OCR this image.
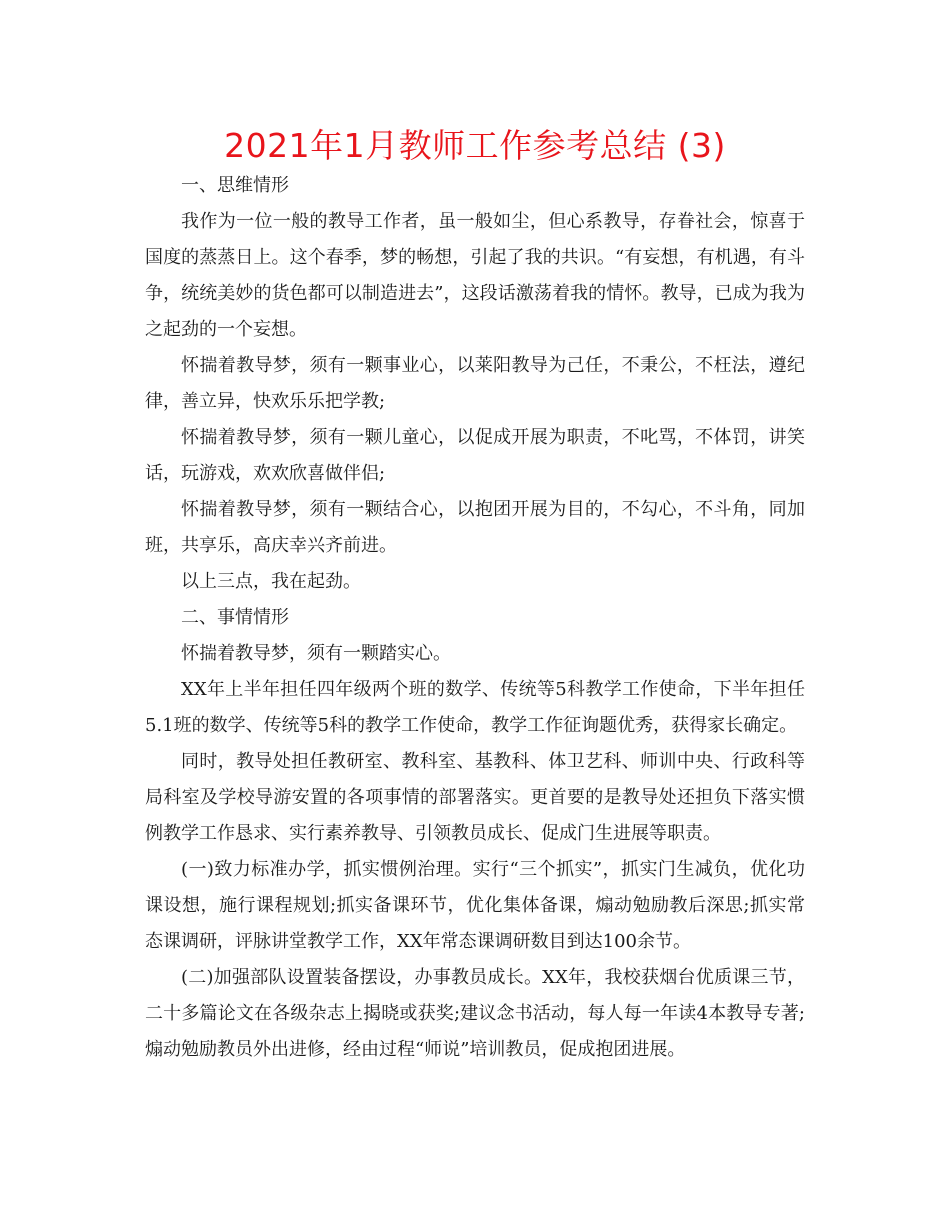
2021年1月教师工作参考总结 (3)

一、思维情形

我作为一位一般的教导工作者，虽一般如尘，但心系教导，存眷社会，惊喜于国度的蒸蒸日上。这个春季，梦的畅想，引起了我的共识。“有妄想，有机遇，有斗争，统统美妙的货色都可以制造进去”，这段话激荡着我的情怀。教导，已成为我为之起劲的一个妄想。

怀揣着教导梦，须有一颗事业心，以莱阳教导为己任，不秉公，不枉法，遵纪律，善立异，快欢乐乐把学教;

怀揣着教导梦，须有一颗儿童心，以促成开展为职责，不叱骂，不体罚，讲笑话，玩游戏，欢欢欣喜做伴侣;

怀揣着教导梦，须有一颗结合心，以抱团开展为目的，不勾心，不斗角，同加班，共享乐，高庆幸兴齐前进。

以上三点，我在起劲。

二、事情情形

怀揣着教导梦，须有一颗踏实心。

XX年上半年担任四年级两个班的数学、传统等5科教学工作使命，下半年担任5.1班的数学、传统等5科的教学工作使命，教学工作征询题优秀，获得家长确定。

同时，教导处担任教研室、教科室、基教科、体卫艺科、师训中央、行政科等局科室及学校导游安置的各项事情的部署落实。更首要的是教导处还担负下落实惯例教学工作恳求、实行素养教导、引领教员成长、促成门生进展等职责。

(一)致力标准办学，抓实惯例治理。实行“三个抓实”，抓实门生减负，优化功课设想，施行课程规划;抓实备课环节，优化集体备课，煽动勉励教后深思;抓实常态课调研，评脉讲堂教学工作，XX年常态课调研数目到达100余节。

(二)加强部队设置装备摆设，办事教员成长。XX年，我校获烟台优质课三节，二十多篇论文在各级杂志上揭晓或获奖;建议念书活动，每人每一年读4本教导专著;煽动勉励教员外出进修，经由过程“师说”培训教员，促成抱团进展。
